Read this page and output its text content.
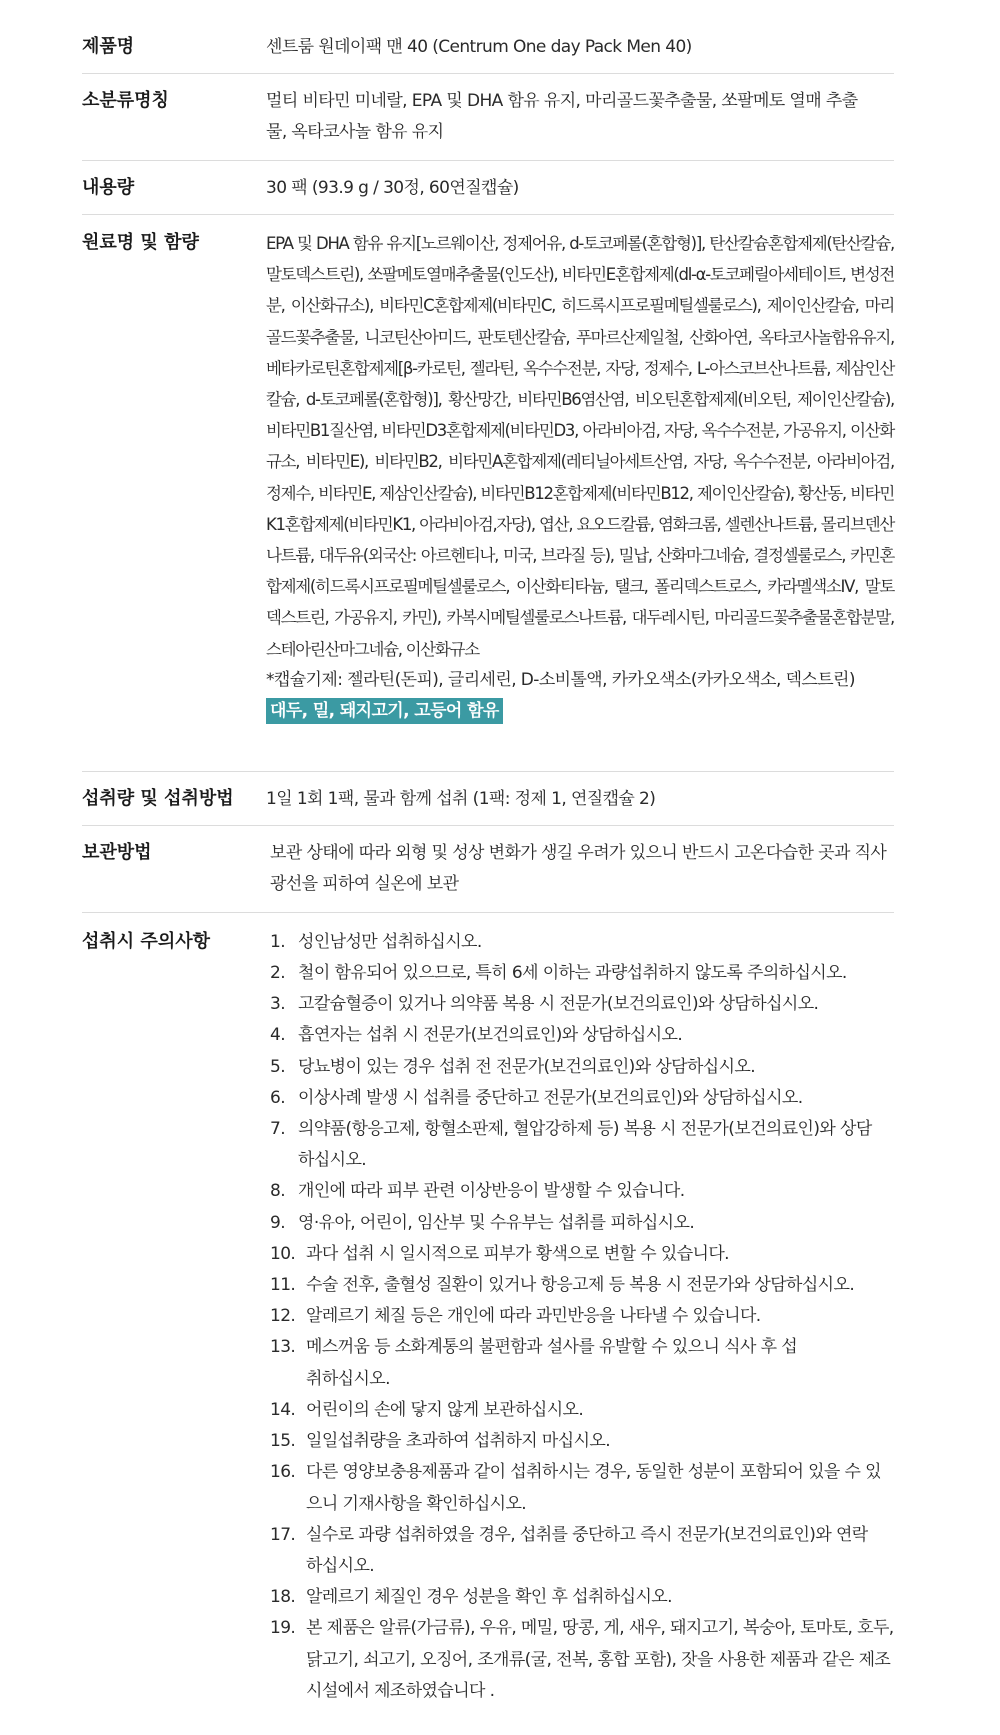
제품명	센트룸 원데이팩 맨 40 (Centrum One day Pack Men 40)
소분류명칭	멀티 비타민 미네랄, EPA 및 DHA 함유 유지, 마리골드꽃추출물, 쏘팔메토 열매 추출물, 옥타코사놀 함유 유지
내용량	30 팩 (93.9 g / 30정, 60연질캡슐)
원료명 및 함량	EPA 및 DHA 함유 유지[노르웨이산, 정제어유, d-토코페롤(혼합형)], 탄산칼슘혼합제제(탄산칼슘, 말토덱스트린), 쏘팔메토열매추출물(인도산), 비타민E혼합제제(dl-α-토코페릴아세테이트, 변성전분, 이산화규소), 비타민C혼합제제(비타민C, 히드록시프로필메틸셀룰로스), 제이인산칼슘, 마리골드꽃추출물, 니코틴산아미드, 판토텐산칼슘, 푸마르산제일철, 산화아연, 옥타코사놀함유유지, 베타카로틴혼합제제[β-카로틴, 젤라틴, 옥수수전분, 자당, 정제수, L-아스코브산나트륨, 제삼인산칼슘, d-토코페롤(혼합형)], 황산망간, 비타민B6염산염, 비오틴혼합제제(비오틴, 제이인산칼슘), 비타민B1질산염, 비타민D3혼합제제(비타민D3, 아라비아검, 자당, 옥수수전분, 가공유지, 이산화규소, 비타민E), 비타민B2, 비타민A혼합제제(레티닐아세트산염, 자당, 옥수수전분, 아라비아검, 정제수, 비타민E, 제삼인산칼슘), 비타민B12혼합제제(비타민B12, 제이인산칼슘), 황산동, 비타민K1혼합제제(비타민K1, 아라비아검,자당), 엽산, 요오드칼륨, 염화크롬, 셀렌산나트륨, 몰리브덴산나트륨, 대두유(외국산: 아르헨티나, 미국, 브라질 등), 밀납, 산화마그네슘, 결정셀룰로스, 카민혼합제제(히드록시프로필메틸셀룰로스, 이산화티타늄, 탤크, 폴리덱스트로스, 카라멜색소IV, 말토덱스트린, 가공유지, 카민), 카복시메틸셀룰로스나트륨, 대두레시틴, 마리골드꽃추출물혼합분말, 스테아린산마그네슘, 이산화규소
*캡슐기제: 젤라틴(돈피), 글리세린, D-소비톨액, 카카오색소(카카오색소, 덱스트린)
대두, 밀, 돼지고기, 고등어 함유
섭취량 및 섭취방법	1일 1회 1팩, 물과 함께 섭취 (1팩: 정제 1, 연질캡슐 2)
보관방법	보관 상태에 따라 외형 및 성상 변화가 생길 우려가 있으니 반드시 고온다습한 곳과 직사광선을 피하여 실온에 보관
섭취시 주의사항	1. 성인남성만 섭취하십시오.
2. 철이 함유되어 있으므로, 특히 6세 이하는 과량섭취하지 않도록 주의하십시오.
3. 고칼슘혈증이 있거나 의약품 복용 시 전문가(보건의료인)와 상담하십시오.
4. 흡연자는 섭취 시 전문가(보건의료인)와 상담하십시오.
5. 당뇨병이 있는 경우 섭취 전 전문가(보건의료인)와 상담하십시오.
6. 이상사례 발생 시 섭취를 중단하고 전문가(보건의료인)와 상담하십시오.
7. 의약품(항응고제, 항혈소판제, 혈압강하제 등) 복용 시 전문가(보건의료인)와 상담하십시오.
8. 개인에 따라 피부 관련 이상반응이 발생할 수 있습니다.
9. 영·유아, 어린이, 임산부 및 수유부는 섭취를 피하십시오.
10. 과다 섭취 시 일시적으로 피부가 황색으로 변할 수 있습니다.
11. 수술 전후, 출혈성 질환이 있거나 항응고제 등 복용 시 전문가와 상담하십시오.
12. 알레르기 체질 등은 개인에 따라 과민반응을 나타낼 수 있습니다.
13. 메스꺼움 등 소화계통의 불편함과 설사를 유발할 수 있으니 식사 후 섭취하십시오.
14. 어린이의 손에 닿지 않게 보관하십시오.
15. 일일섭취량을 초과하여 섭취하지 마십시오.
16. 다른 영양보충용제품과 같이 섭취하시는 경우, 동일한 성분이 포함되어 있을 수 있으니 기재사항을 확인하십시오.
17. 실수로 과량 섭취하였을 경우, 섭취를 중단하고 즉시 전문가(보건의료인)와 연락하십시오.
18. 알레르기 체질인 경우 성분을 확인 후 섭취하십시오.
19. 본 제품은 알류(가금류), 우유, 메밀, 땅콩, 게, 새우, 돼지고기, 복숭아, 토마토, 호두, 닭고기, 쇠고기, 오징어, 조개류(굴, 전복, 홍합 포함), 잣을 사용한 제품과 같은 제조시설에서 제조하였습니다 .
